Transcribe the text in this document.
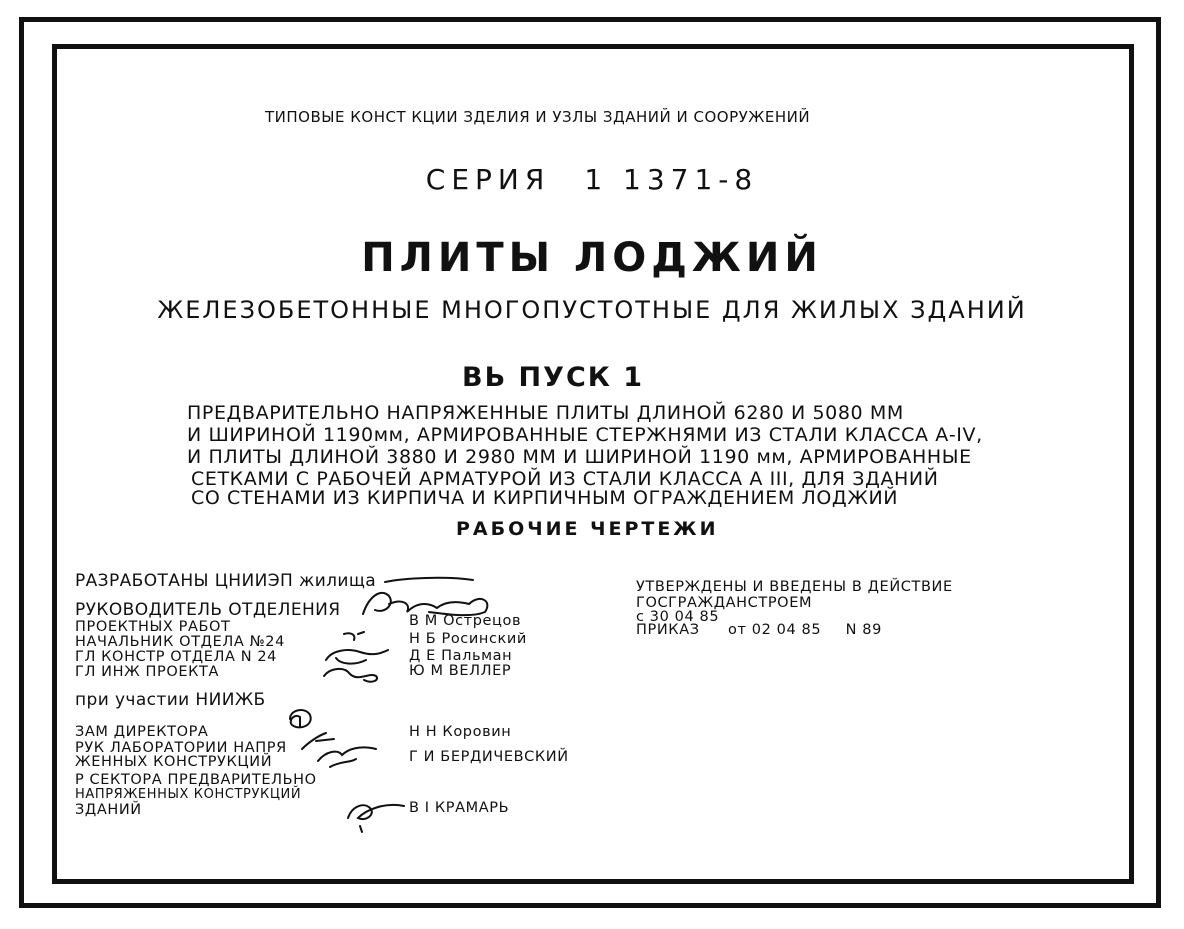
ТИПОВЫЕ КОНСТ КЦИИ ЗДЕЛИЯ И УЗЛЫ ЗДАНИЙ И СООРУЖЕНИЙ
СЕРИЯ 1 1371-8
ПЛИТЫ ЛОДЖИЙ
ЖЕЛЕЗОБЕТОННЫЕ МНОГОПУСТОТНЫЕ ДЛЯ ЖИЛЫХ ЗДАНИЙ
ВЬ ПУСК 1
ПРЕДВАРИТЕЛЬНО НАПРЯЖЕННЫЕ ПЛИТЫ ДЛИНОЙ 6280 И 5080 ММ
И ШИРИНОЙ 1190мм, АРМИРОВАННЫЕ СТЕРЖНЯМИ ИЗ СТАЛИ КЛАССА А-IV,
И ПЛИТЫ ДЛИНОЙ 3880 И 2980 ММ И ШИРИНОЙ 1190 мм, АРМИРОВАННЫЕ
СЕТКАМИ С РАБОЧЕЙ АРМАТУРОЙ ИЗ СТАЛИ КЛАССА А III, ДЛЯ ЗДАНИЙ
СО СТЕНАМИ ИЗ КИРПИЧА И КИРПИЧНЫМ ОГРАЖДЕНИЕМ ЛОДЖИЙ
РАБОЧИЕ ЧЕРТЕЖИ
РАЗРАБОТАНЫ ЦНИИЭП жилища
РУКОВОДИТЕЛЬ ОТДЕЛЕНИЯ
ПРОЕКТНЫХ РАБОТ	В М Острецов
НАЧАЛЬНИК ОТДЕЛА №24	Н Б Росинский
ГЛ КОНСТР ОТДЕЛА N 24	Д Е Пальман
ГЛ ИНЖ ПРОЕКТА	Ю М ВЕЛЛЕР
при участии НИИЖБ
ЗАМ ДИРЕКТОРА	Н Н Коровин
РУК ЛАБОРАТОРИИ НАПРЯ
ЖЕННЫХ КОНСТРУКЦИЙ	Г И БЕРДИЧЕВСКИЙ
Р СЕКТОРА ПРЕДВАРИТЕЛЬНО
НАПРЯЖЕННЫХ КОНСТРУКЦИЙ
ЗДАНИЙ	В І КРАМАРЬ
УТВЕРЖДЕНЫ И ВВЕДЕНЫ В ДЕЙСТВИЕ
ГОСГРАЖДАНСТРОЕМ
с 30 04 85
ПРИКАЗ от 02 04 85 N 89
